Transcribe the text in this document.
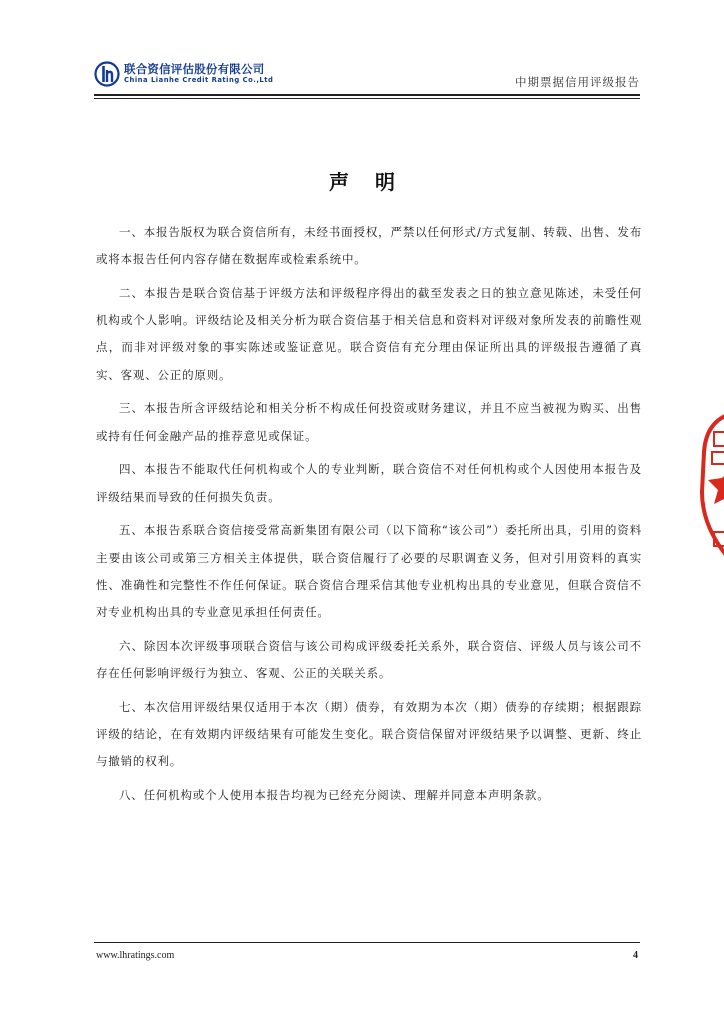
联合资信评估股份有限公司
China Lianhe Credit Rating Co.,Ltd	中期票据信用评级报告
声明

一、本报告版权为联合资信所有，未经书面授权，严禁以任何形式/方式复制、转载、出售、发布或将本报告任何内容存储在数据库或检索系统中。

二、本报告是联合资信基于评级方法和评级程序得出的截至发表之日的独立意见陈述，未受任何机构或个人影响。评级结论及相关分析为联合资信基于相关信息和资料对评级对象所发表的前瞻性观点，而非对评级对象的事实陈述或鉴证意见。联合资信有充分理由保证所出具的评级报告遵循了真实、客观、公正的原则。

三、本报告所含评级结论和相关分析不构成任何投资或财务建议，并且不应当被视为购买、出售或持有任何金融产品的推荐意见或保证。

四、本报告不能取代任何机构或个人的专业判断，联合资信不对任何机构或个人因使用本报告及评级结果而导致的任何损失负责。

五、本报告系联合资信接受常高新集团有限公司（以下简称“该公司”）委托所出具，引用的资料主要由该公司或第三方相关主体提供，联合资信履行了必要的尽职调查义务，但对引用资料的真实性、准确性和完整性不作任何保证。联合资信合理采信其他专业机构出具的专业意见，但联合资信不对专业机构出具的专业意见承担任何责任。

六、除因本次评级事项联合资信与该公司构成评级委托关系外，联合资信、评级人员与该公司不存在任何影响评级行为独立、客观、公正的关联关系。

七、本次信用评级结果仅适用于本次（期）债券，有效期为本次（期）债券的存续期；根据跟踪评级的结论，在有效期内评级结果有可能发生变化。联合资信保留对评级结果予以调整、更新、终止与撤销的权利。

八、任何机构或个人使用本报告均视为已经充分阅读、理解并同意本声明条款。

www.lhratings.com	4
